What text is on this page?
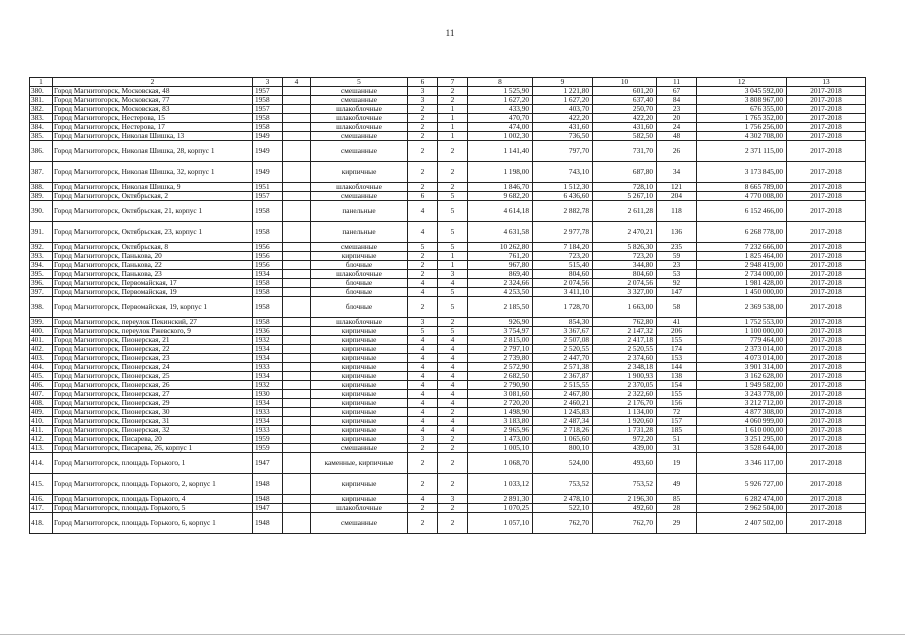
11
1	2	3	4	5	6	7	8	9	10	11	12	13
380.	Город Магнитогорск, Московская, 48	1957		смешанные	3	2	1 525,90	1 221,80	601,20	67	3 045 592,00	2017-2018
381.	Город Магнитогорск, Московская, 77	1958		смешанные	3	2	1 627,20	1 627,20	637,40	84	3 808 967,00	2017-2018
382.	Город Магнитогорск, Московская, 83	1957		шлакоблочные	2	1	433,90	403,70	250,70	23	676 355,00	2017-2018
383.	Город Магнитогорск, Нестерова, 15	1958		шлакоблочные	2	1	470,70	422,20	422,20	20	1 765 352,00	2017-2018
384.	Город Магнитогорск, Нестерова, 17	1958		шлакоблочные	2	1	474,00	431,60	431,60	24	1 756 256,00	2017-2018
385.	Город Магнитогорск, Николая Шишка, 13	1949		смешанные	2	1	1 002,30	736,50	582,50	48	4 302 708,00	2017-2018
386.	Город Магнитогорск, Николая Шишка, 28, корпус 1	1949		смешанные	2	2	1 141,40	797,70	731,70	26	2 371 115,00	2017-2018
387.	Город Магнитогорск, Николая Шишка, 32, корпус 1	1949		кирпичные	2	2	1 198,00	743,10	687,80	34	3 173 845,00	2017-2018
388.	Город Магнитогорск, Николая Шишка, 9	1951		шлакоблочные	2	2	1 846,70	1 512,30	728,10	121	8 665 789,00	2017-2018
389.	Город Магнитогорск, Октябрьская, 2	1957		смешанные	6	5	9 682,20	6 436,60	5 267,10	204	4 770 008,00	2017-2018
390.	Город Магнитогорск, Октябрьская, 21, корпус 1	1958		панельные	4	5	4 614,18	2 882,78	2 611,28	118	6 152 466,00	2017-2018
391.	Город Магнитогорск, Октябрьская, 23, корпус 1	1958		панельные	4	5	4 631,58	2 977,78	2 470,21	136	6 268 778,00	2017-2018
392.	Город Магнитогорск, Октябрьская, 8	1956		смешанные	5	5	10 262,80	7 184,20	5 826,30	235	7 232 666,00	2017-2018
393.	Город Магнитогорск, Панькова, 20	1956		кирпичные	2	1	761,20	723,20	723,20	59	1 825 464,00	2017-2018
394.	Город Магнитогорск, Панькова, 22	1956		блочные	2	1	967,80	515,40	344,80	23	2 948 419,00	2017-2018
395.	Город Магнитогорск, Панькова, 23	1934		шлакоблочные	2	3	869,40	804,60	804,60	53	2 734 000,00	2017-2018
396.	Город Магнитогорск, Первомайская, 17	1958		блочные	4	4	2 324,66	2 074,56	2 074,56	92	1 981 428,00	2017-2018
397.	Город Магнитогорск, Первомайская, 19	1958		блочные	4	5	4 253,50	3 411,10	3 327,00	147	1 450 000,00	2017-2018
398.	Город Магнитогорск, Первомайская, 19, корпус 1	1958		блочные	2	5	2 185,50	1 728,70	1 663,00	58	2 369 538,00	2017-2018
399.	Город Магнитогорск, переулок Пекинский, 27	1958		шлакоблочные	3	2	926,90	854,30	762,80	41	1 752 553,00	2017-2018
400.	Город Магнитогорск, переулок Ржевского, 9	1936		кирпичные	5	5	3 754,97	3 367,67	2 147,32	206	1 100 000,00	2017-2018
401.	Город Магнитогорск, Пионерская, 21	1932		кирпичные	4	4	2 815,00	2 507,08	2 417,18	155	779 464,00	2017-2018
402.	Город Магнитогорск, Пионерская, 22	1934		кирпичные	4	4	2 797,10	2 520,55	2 520,55	174	2 373 014,00	2017-2018
403.	Город Магнитогорск, Пионерская, 23	1934		кирпичные	4	4	2 739,80	2 447,70	2 374,60	153	4 073 014,00	2017-2018
404.	Город Магнитогорск, Пионерская, 24	1933		кирпичные	4	4	2 572,90	2 571,38	2 348,18	144	3 901 314,00	2017-2018
405.	Город Магнитогорск, Пионерская, 25	1934		кирпичные	4	4	2 682,50	2 367,87	1 900,93	138	3 162 628,00	2017-2018
406.	Город Магнитогорск, Пионерская, 26	1932		кирпичные	4	4	2 790,90	2 515,55	2 370,05	154	1 949 582,00	2017-2018
407.	Город Магнитогорск, Пионерская, 27	1930		кирпичные	4	4	3 081,60	2 467,80	2 322,60	155	3 243 778,00	2017-2018
408.	Город Магнитогорск, Пионерская, 29	1934		кирпичные	4	4	2 720,20	2 460,21	2 176,70	156	3 212 712,00	2017-2018
409.	Город Магнитогорск, Пионерская, 30	1933		кирпичные	4	2	1 498,90	1 245,83	1 134,00	72	4 877 308,00	2017-2018
410.	Город Магнитогорск, Пионерская, 31	1934		кирпичные	4	4	3 183,80	2 487,34	1 920,60	157	4 060 999,00	2017-2018
411.	Город Магнитогорск, Пионерская, 32	1933		кирпичные	4	4	2 965,96	2 718,26	1 731,28	185	1 610 000,00	2017-2018
412.	Город Магнитогорск, Писарева, 20	1959		кирпичные	3	2	1 473,00	1 065,60	972,20	51	3 251 295,00	2017-2018
413.	Город Магнитогорск, Писарева, 26, корпус 1	1959		смешанные	2	2	1 005,10	800,10	439,00	31	3 528 644,00	2017-2018
414.	Город Магнитогорск, площадь Горького, 1	1947		каменные, кирпичные	2	2	1 068,70	524,00	493,60	19	3 346 117,00	2017-2018
415.	Город Магнитогорск, площадь Горького, 2, корпус 1	1948		кирпичные	2	2	1 033,12	753,52	753,52	49	5 926 727,00	2017-2018
416.	Город Магнитогорск, площадь Горького, 4	1948		кирпичные	4	3	2 891,30	2 478,10	2 196,30	85	6 282 474,00	2017-2018
417.	Город Магнитогорск, площадь Горького, 5	1947		шлакоблочные	2	2	1 070,25	522,10	492,60	28	2 962 504,00	2017-2018
418.	Город Магнитогорск, площадь Горького, 6, корпус 1	1948		смешанные	2	2	1 057,10	762,70	762,70	29	2 407 502,00	2017-2018
